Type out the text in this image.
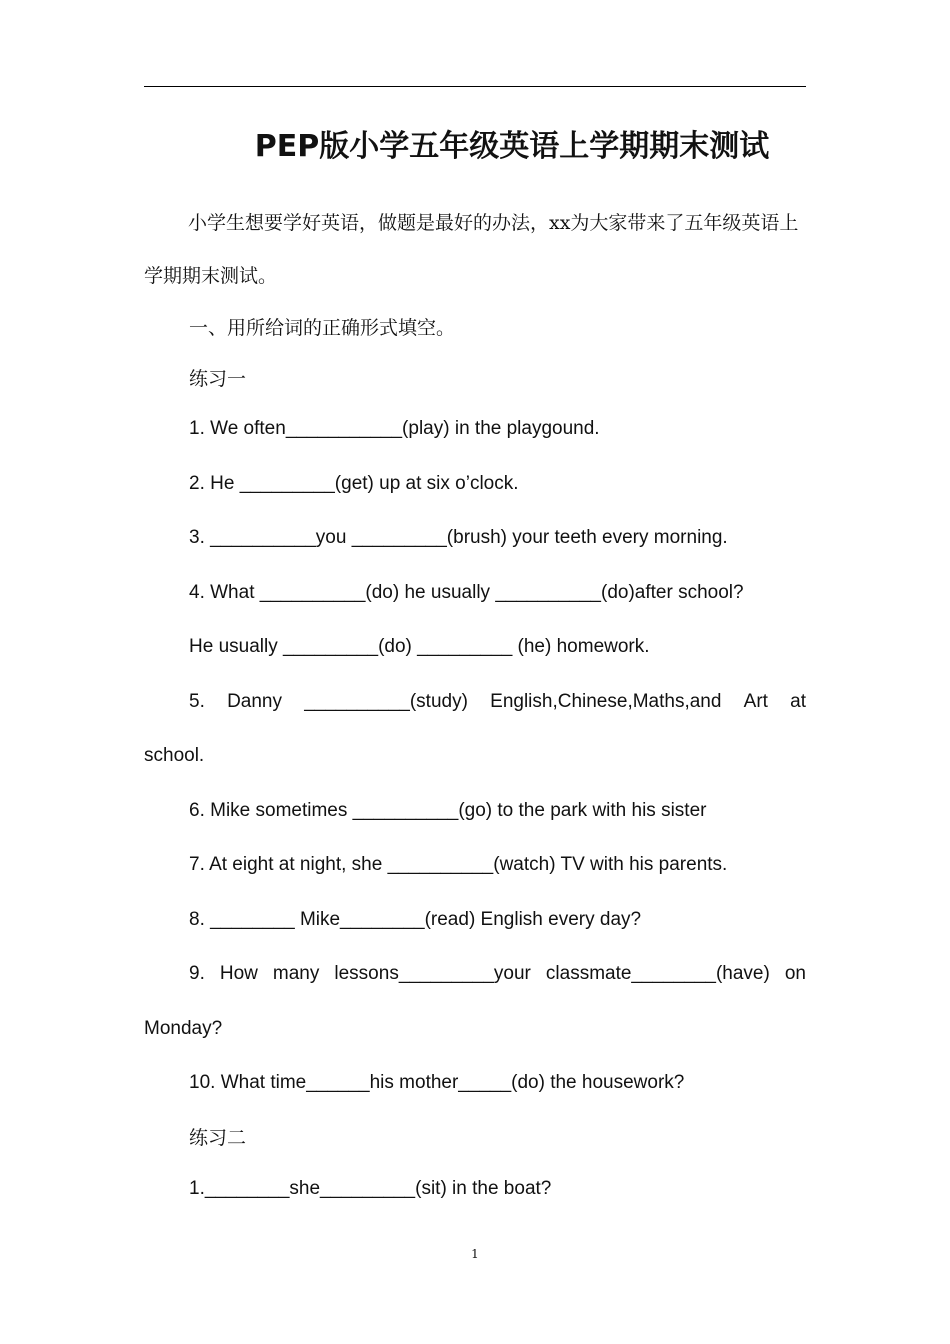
PEP版小学五年级英语上学期期末测试

小学生想要学好英语，做题是最好的办法，xx为大家带来了五年级英语上学期期末测试。

一、用所给词的正确形式填空。

练习一

1. We often___________(play) in the playgound.

2. He _________(get) up at six o’clock.

3. __________you _________(brush) your teeth every morning.

4. What __________(do) he usually __________(do)after school?

He usually _________(do) _________ (he) homework.

5. Danny __________(study) English,Chinese,Maths,and Art at

school.

6. Mike sometimes __________(go) to the park with his sister

7. At eight at night, she __________(watch) TV with his parents.

8. ________ Mike________(read) English every day?

9. How many lessons_________your classmate________(have) on

Monday?

10. What time______his mother_____(do) the housework?

练习二

1.________she_________(sit) in the boat?

1
